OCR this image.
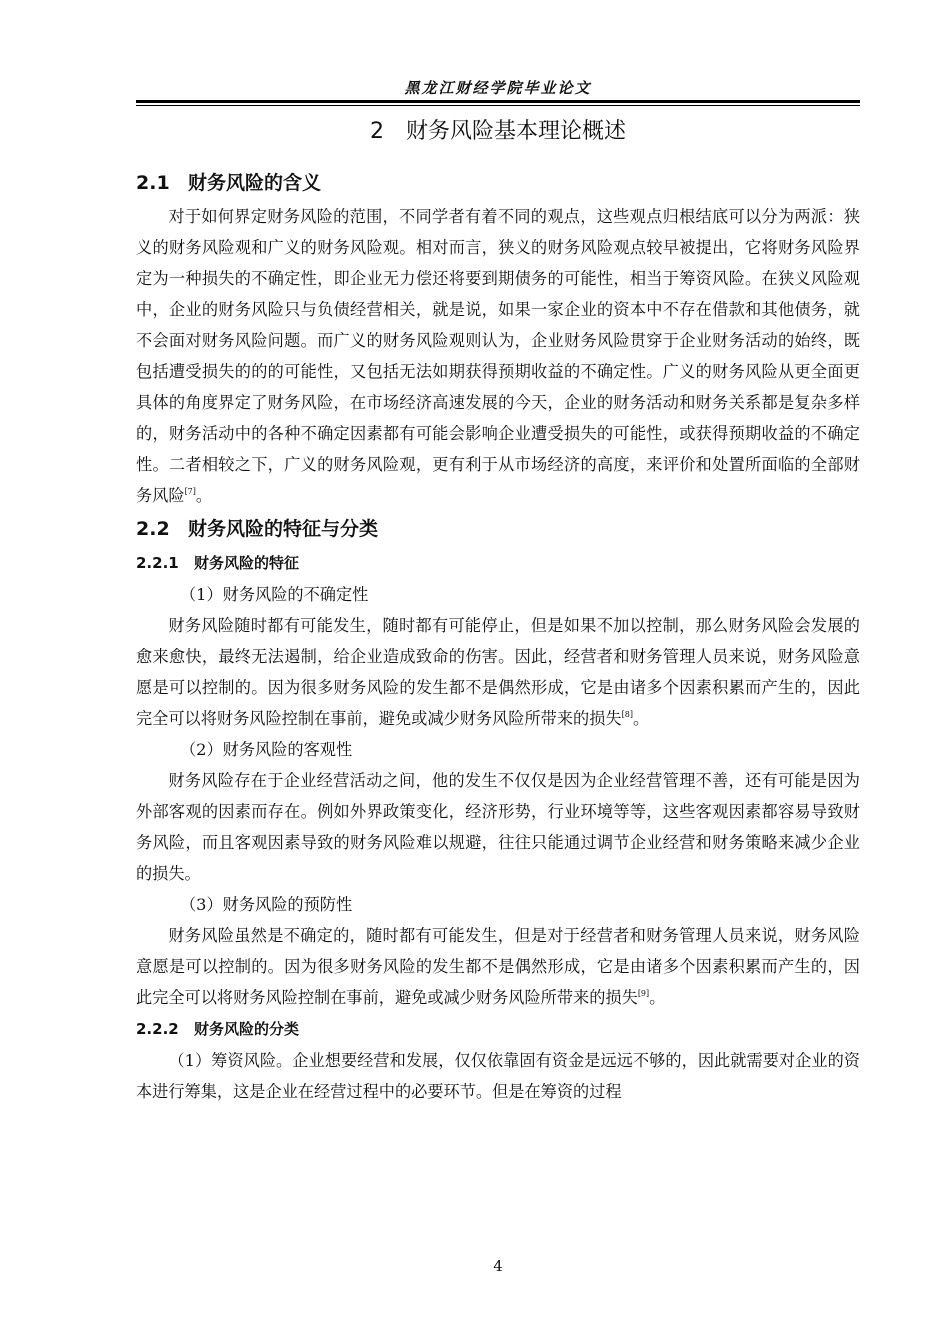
黑龙江财经学院毕业论文
2 财务风险基本理论概述
2.1 财务风险的含义

对于如何界定财务风险的范围，不同学者有着不同的观点，这些观点归根结底可以分为两派：狭义的财务风险观和广义的财务风险观。相对而言，狭义的财务风险观点较早被提出，它将财务风险界定为一种损失的不确定性，即企业无力偿还将要到期债务的可能性，相当于筹资风险。在狭义风险观中，企业的财务风险只与负债经营相关，就是说，如果一家企业的资本中不存在借款和其他债务，就不会面对财务风险问题。而广义的财务风险观则认为，企业财务风险贯穿于企业财务活动的始终，既包括遭受损失的的的可能性，又包括无法如期获得预期收益的不确定性。广义的财务风险从更全面更具体的角度界定了财务风险，在市场经济高速发展的今天，企业的财务活动和财务关系都是复杂多样的，财务活动中的各种不确定因素都有可能会影响企业遭受损失的可能性，或获得预期收益的不确定性。二者相较之下，广义的财务风险观，更有利于从市场经济的高度，来评价和处置所面临的全部财务风险[7]。

2.2 财务风险的特征与分类
2.2.1 财务风险的特征

（1）财务风险的不确定性

财务风险随时都有可能发生，随时都有可能停止，但是如果不加以控制，那么财务风险会发展的愈来愈快，最终无法遏制，给企业造成致命的伤害。因此，经营者和财务管理人员来说，财务风险意愿是可以控制的。因为很多财务风险的发生都不是偶然形成，它是由诸多个因素积累而产生的，因此完全可以将财务风险控制在事前，避免或减少财务风险所带来的损失[8]。

（2）财务风险的客观性

财务风险存在于企业经营活动之间，他的发生不仅仅是因为企业经营管理不善，还有可能是因为外部客观的因素而存在。例如外界政策变化，经济形势，行业环境等等，这些客观因素都容易导致财务风险，而且客观因素导致的财务风险难以规避，往往只能通过调节企业经营和财务策略来减少企业的损失。

（3）财务风险的预防性

财务风险虽然是不确定的，随时都有可能发生，但是对于经营者和财务管理人员来说，财务风险意愿是可以控制的。因为很多财务风险的发生都不是偶然形成，它是由诸多个因素积累而产生的，因此完全可以将财务风险控制在事前，避免或减少财务风险所带来的损失[9]。

2.2.2 财务风险的分类

（1）筹资风险。企业想要经营和发展，仅仅依靠固有资金是远远不够的，因此就需要对企业的资本进行筹集，这是企业在经营过程中的必要环节。但是在筹资的过程

4
